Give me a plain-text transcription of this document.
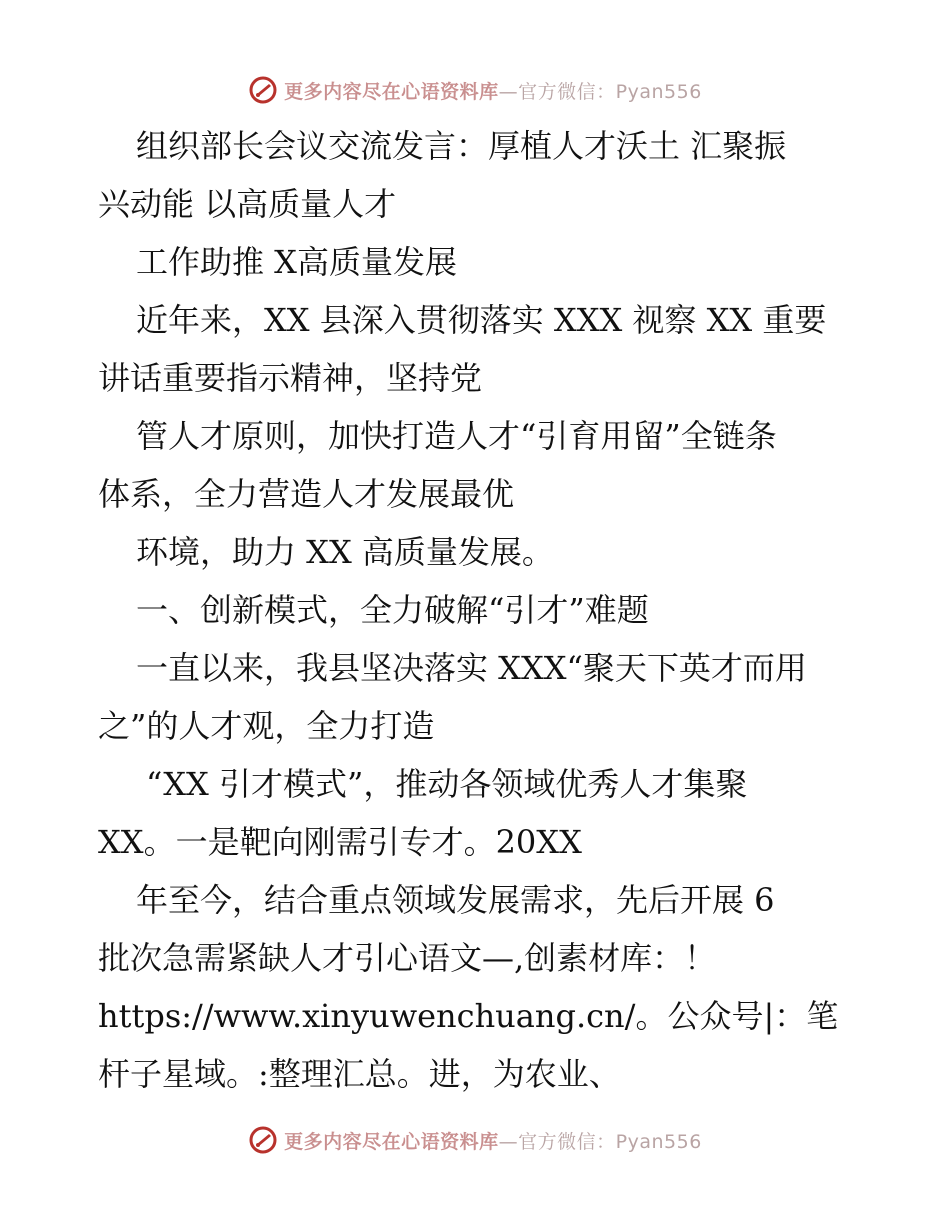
更多内容尽在心语资料库—官方微信：Pyan556
组织部长会议交流发言：厚植人才沃土 汇聚振
兴动能 以高质量人才
工作助推 X高质量发展
近年来，XX 县深入贯彻落实 XXX 视察 XX 重要
讲话重要指示精神，坚持党
管人才原则，加快打造人才“引育用留”全链条
体系，全力营造人才发展最优
环境，助力 XX 高质量发展。
一、创新模式，全力破解“引才”难题
一直以来，我县坚决落实 XXX“聚天下英才而用
之”的人才观，全力打造
“XX 引才模式”，推动各领域优秀人才集聚
XX。一是靶向刚需引专才。20XX
年至今，结合重点领域发展需求，先后开展 6
批次急需紧缺人才引心语文—,创素材库：！
https://www.xinyuwenchuang.cn/。公众号|：笔
杆子星域。:整理汇总。进，为农业、
更多内容尽在心语资料库—官方微信：Pyan556
